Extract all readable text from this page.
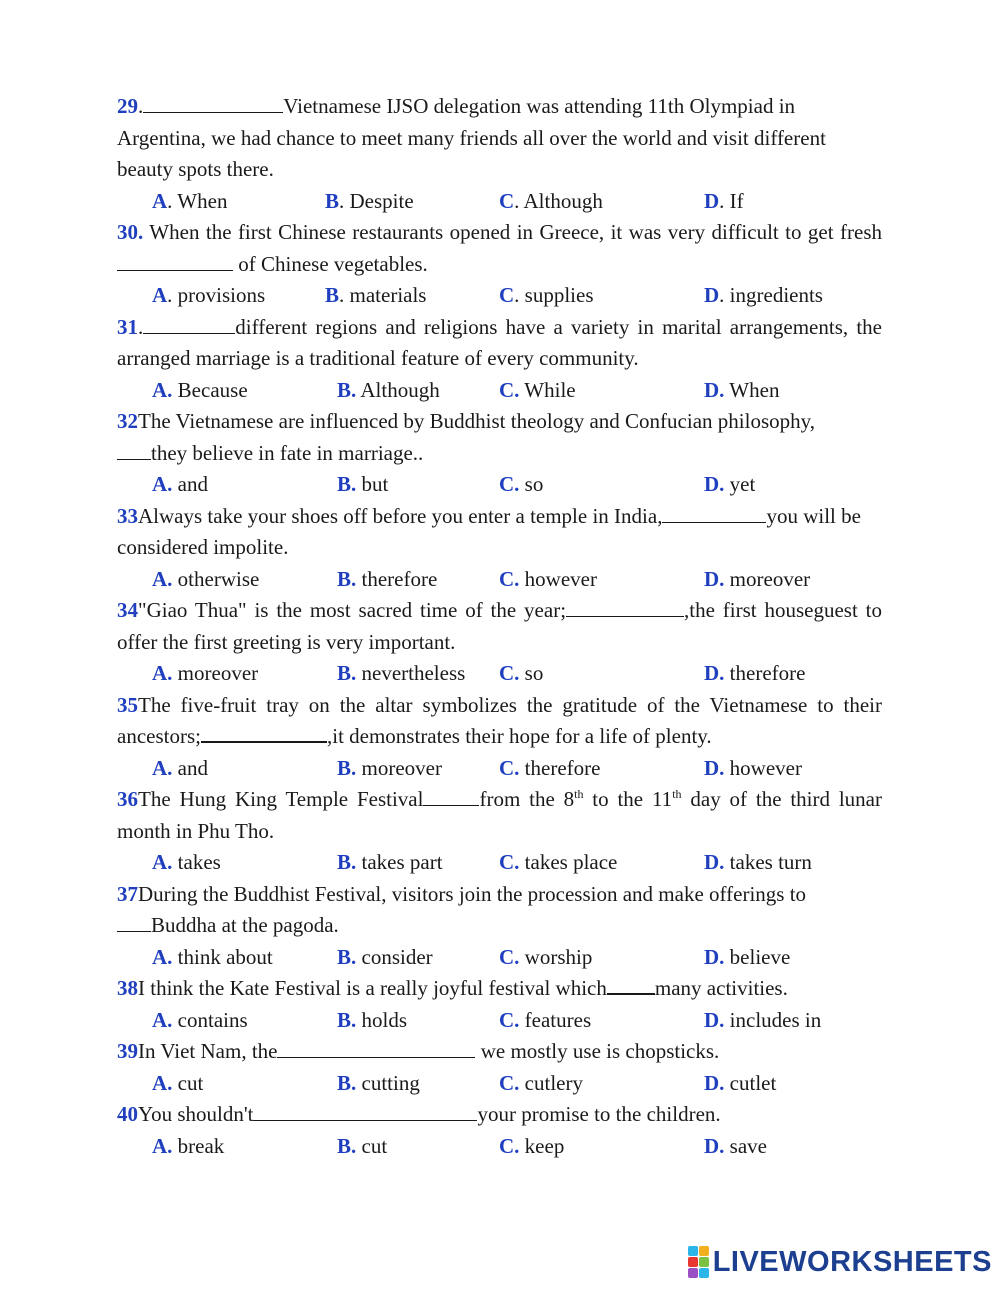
29.	Vietnamese IJSO delegation was attending 11th Olympiad in Argentina, we had chance to meet many friends all over the world and visit different beauty spots there.

A. When	B. Despite	C. Although	D. If

30. When the first Chinese restaurants opened in Greece, it was very difficult to get fresh of Chinese vegetables.

A. provisions	B. materials	C. supplies	D. ingredients

31.	different regions and religions have a variety in marital arrangements, the arranged marriage is a traditional feature of every community.

A. Because	B. Although	C. While	D. When

32The Vietnamese are influenced by Buddhist theology and Confucian philosophy,
they believe in fate in marriage..

A. and	B. but	C. so	D. yet

33Always take your shoes off before you enter a temple in India,	you will be considered impolite.

A. otherwise	B. therefore	C. however	D. moreover

34"Giao Thua" is the most sacred time of the year;	,the first houseguest to offer the first greeting is very important.

A. moreover	B. nevertheless C. so	D. therefore

35The five-fruit tray on the altar symbolizes the gratitude of the Vietnamese to their ancestors;	,it demonstrates their hope for a life of plenty.

A. and	B. moreover	C. therefore	D. however

36The Hung King Temple Festival	from the 8th to the 11th day of the third lunar month in Phu Tho.

A. takes	B. takes part	C. takes place	D. takes turn

37During the Buddhist Festival, visitors join the procession and make offerings to
Buddha at the pagoda.

A. think about	B. consider	C. worship	D. believe

38I think the Kate Festival is a really joyful festival which many activities.

A. contains	B. holds	C. features	D. includes in

39In Viet Nam, the	we mostly use is chopsticks.

A. cut	B. cutting	C. cutlery	D. cutlet

40You shouldn't	your promise to the children.

A. break	B. cut	C. keep	D. save
LIVEWORKSHEETS
